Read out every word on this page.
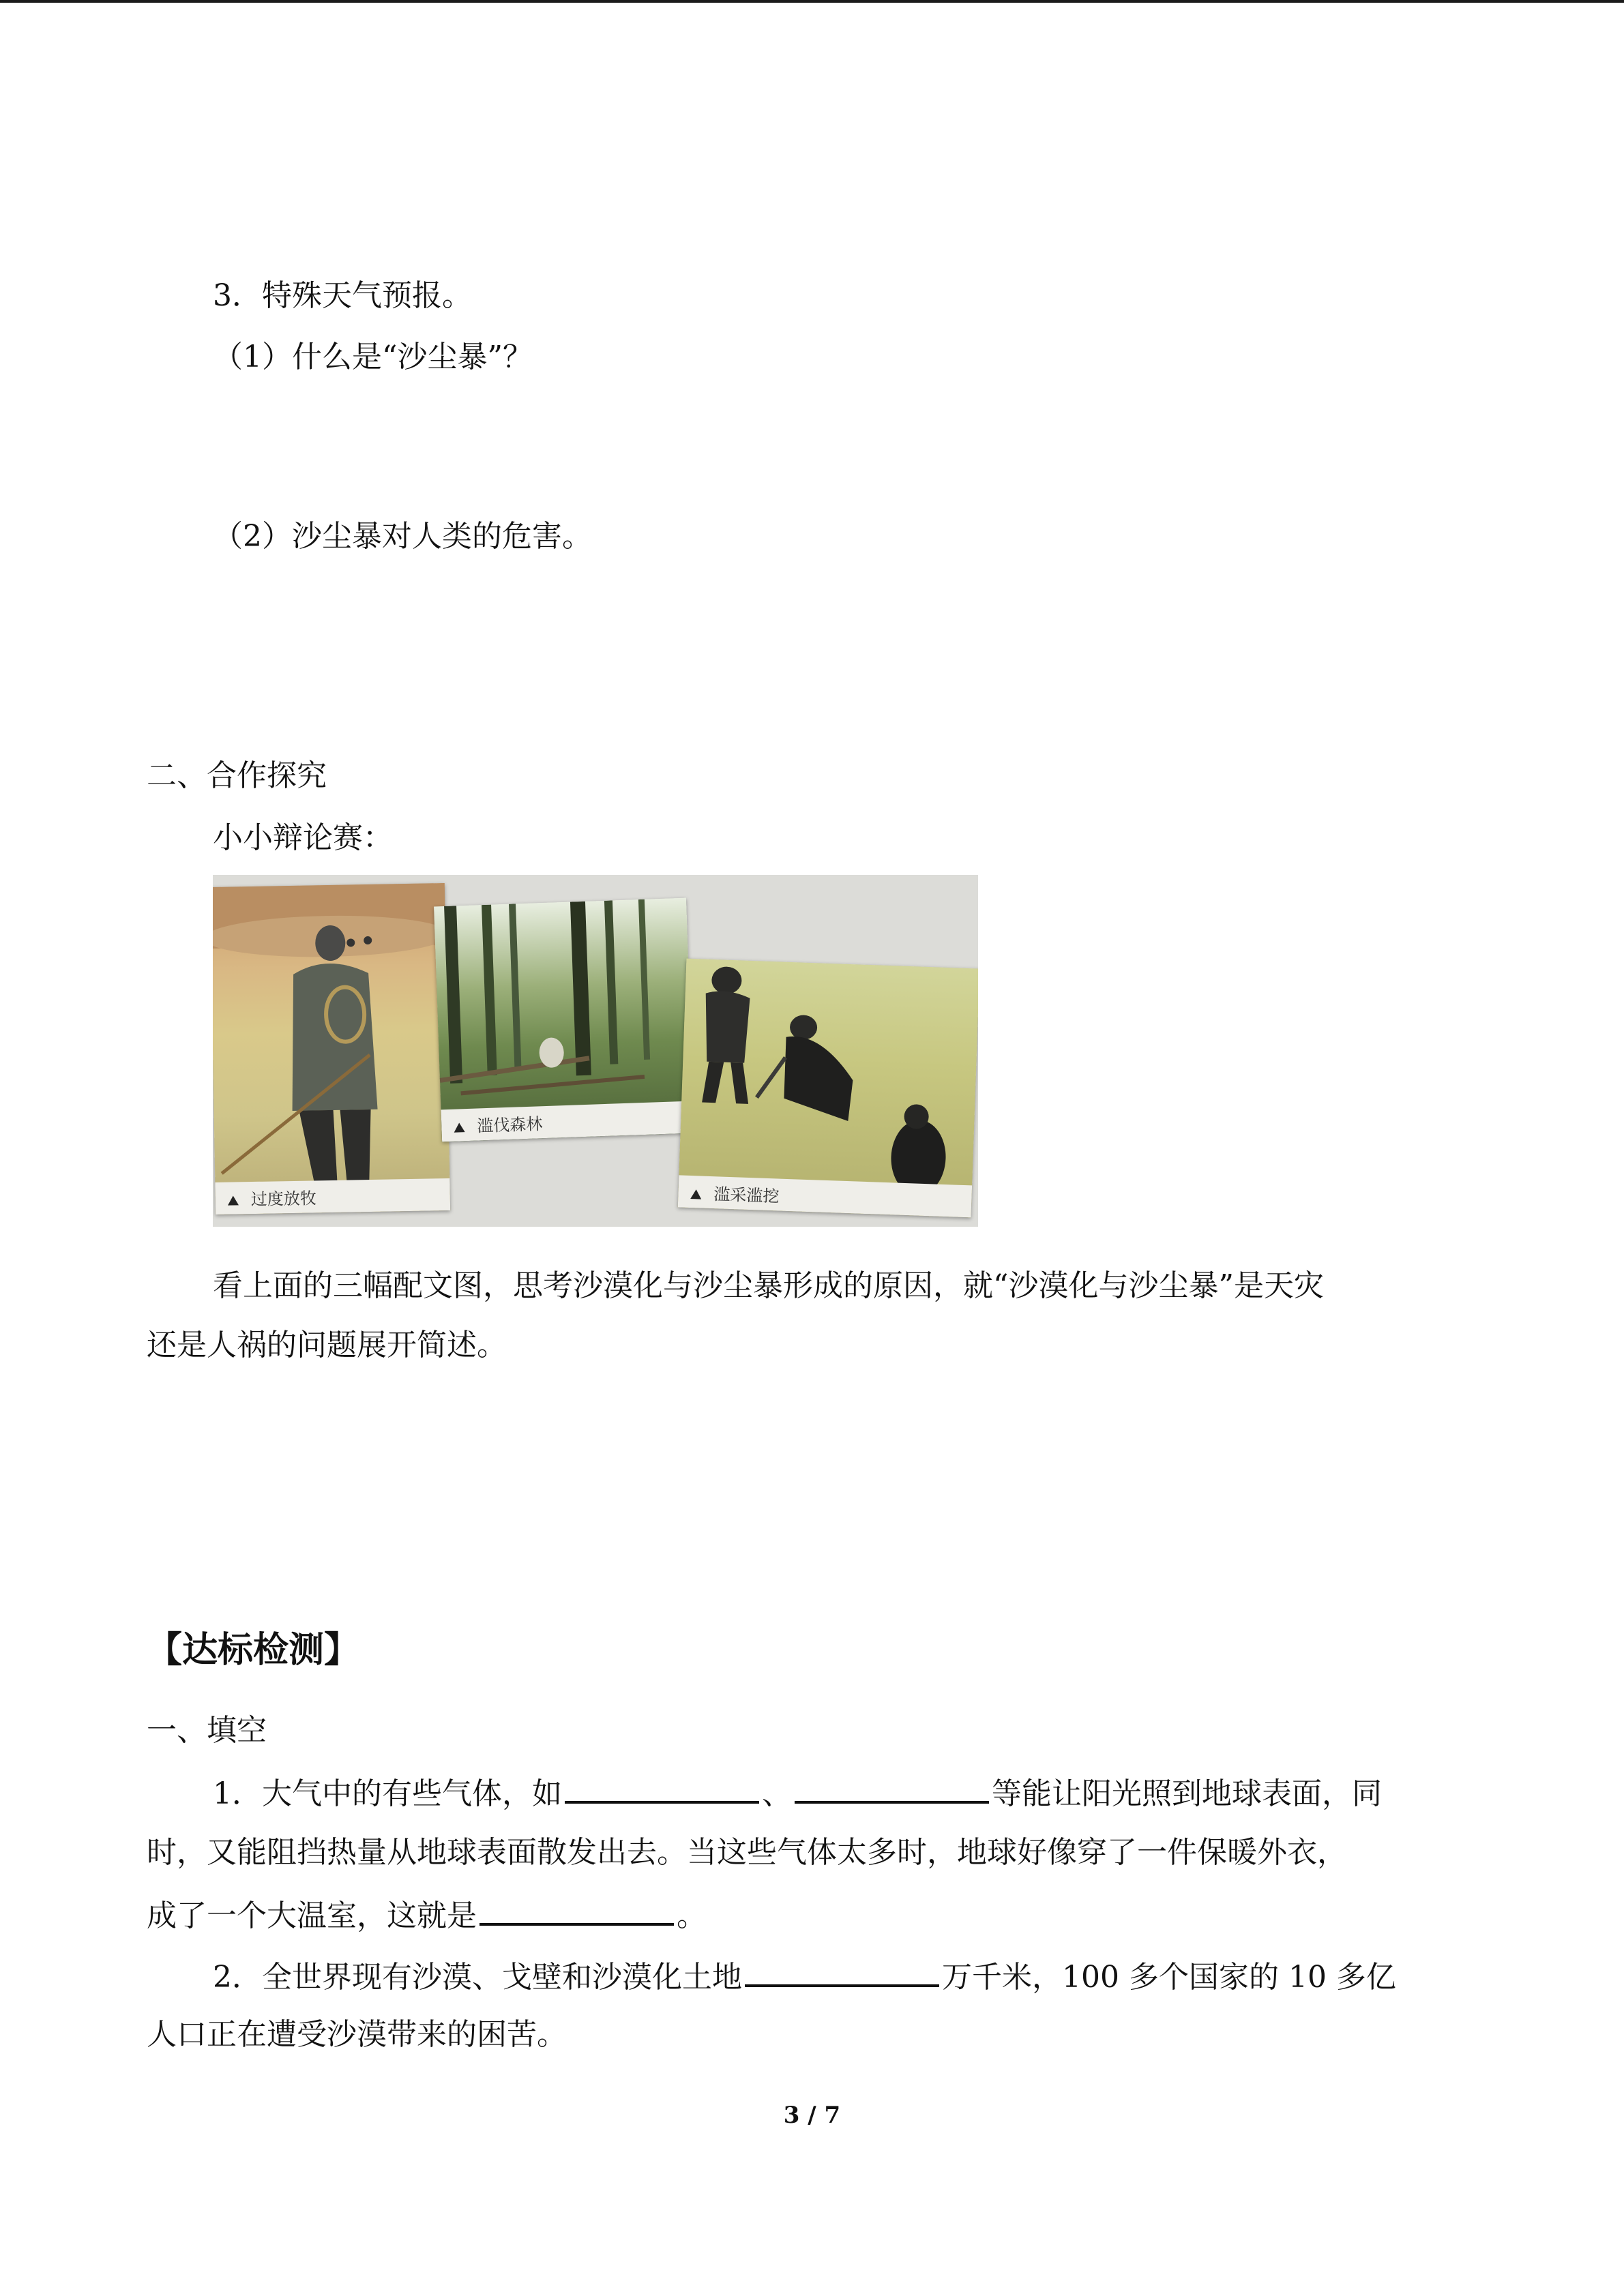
3．特殊天气预报。
（1）什么是“沙尘暴”？
（2）沙尘暴对人类的危害。
二、合作探究
小小辩论赛：
过度放牧
滥伐森林
滥采滥挖
看上面的三幅配文图，思考沙漠化与沙尘暴形成的原因，就“沙漠化与沙尘暴”是天灾
还是人祸的问题展开简述。
【达标检测】
一、填空
1．大气中的有些气体，如	、	等能让阳光照到地球表面，同
时，又能阻挡热量从地球表面散发出去。当这些气体太多时，地球好像穿了一件保暖外衣，
成了一个大温室，这就是	。
2．全世界现有沙漠、戈壁和沙漠化土地	万千米，100 多个国家的 10 多亿
人口正在遭受沙漠带来的困苦。
3 / 7
